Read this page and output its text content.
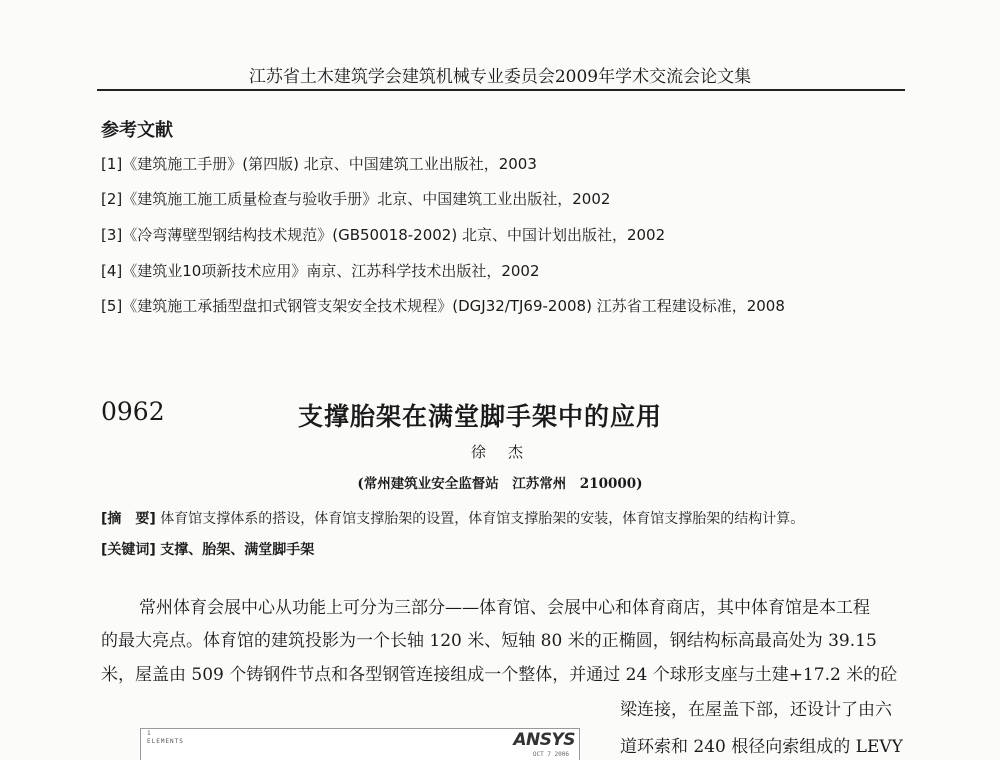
江苏省土木建筑学会建筑机械专业委员会2009年学术交流会论文集
参考文献
[1]《建筑施工手册》(第四版) 北京、中国建筑工业出版社，2003
[2]《建筑施工施工质量检查与验收手册》北京、中国建筑工业出版社，2002
[3]《冷弯薄壁型钢结构技术规范》(GB50018-2002) 北京、中国计划出版社，2002
[4]《建筑业10项新技术应用》南京、江苏科学技术出版社，2002
[5]《建筑施工承插型盘扣式钢管支架安全技术规程》(DGJ32/TJ69-2008) 江苏省工程建设标准，2008
0962	支撑胎架在满堂脚手架中的应用
徐杰
(常州建筑业安全监督站　江苏常州　210000)
[摘　要] 体育馆支撑体系的搭设，体育馆支撑胎架的设置，体育馆支撑胎架的安装，体育馆支撑胎架的结构计算。
[关键词] 支撑、胎架、满堂脚手架
常州体育会展中心从功能上可分为三部分——体育馆、会展中心和体育商店，其中体育馆是本工程
的最大亮点。体育馆的建筑投影为一个长轴 120 米、短轴 80 米的正椭圆，钢结构标高最高处为 39.15
米，屋盖由 509 个铸钢件节点和各型钢管连接组成一个整体，并通过 24 个球形支座与土建+17.2 米的砼
梁连接，在屋盖下部，还设计了由六
道环索和 240 根径向索组成的 LEVY
1
ELEMENTS	ANSYS
OCT 7 2006
